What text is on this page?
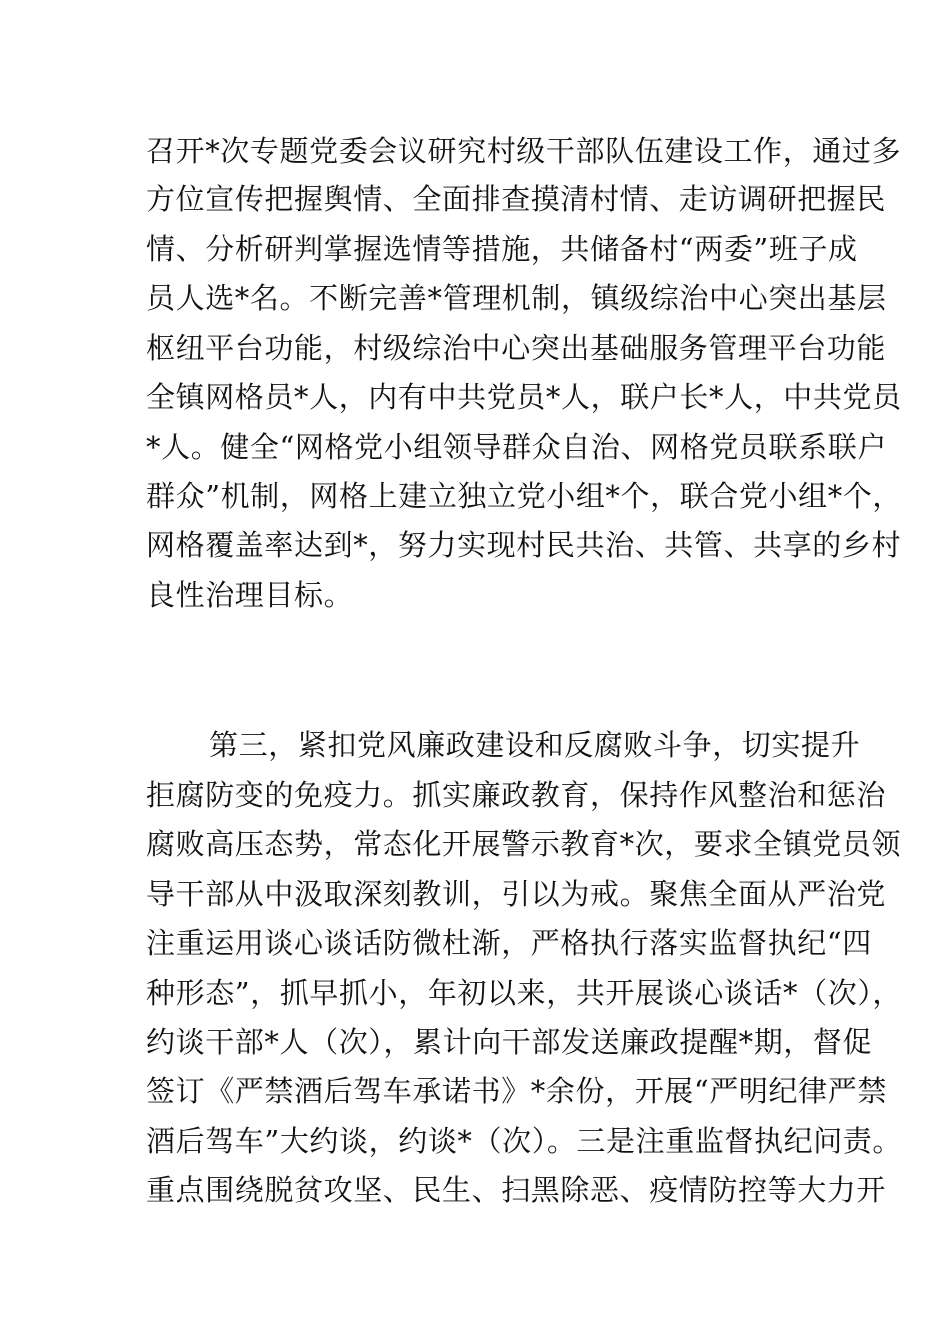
召开*次专题党委会议研究村级干部队伍建设工作，通过多
方位宣传把握舆情、全面排查摸清村情、走访调研把握民
情、分析研判掌握选情等措施，共储备村“两委”班子成
员人选*名。不断完善*管理机制，镇级综治中心突出基层
枢纽平台功能，村级综治中心突出基础服务管理平台功能
全镇网格员*人，内有中共党员*人，联户长*人，中共党员
*人。健全“网格党小组领导群众自治、网格党员联系联户
群众”机制，网格上建立独立党小组*个，联合党小组*个，
网格覆盖率达到*，努力实现村民共治、共管、共享的乡村
良性治理目标。
第三，紧扣党风廉政建设和反腐败斗争，切实提升
拒腐防变的免疫力。抓实廉政教育，保持作风整治和惩治
腐败高压态势，常态化开展警示教育*次，要求全镇党员领
导干部从中汲取深刻教训，引以为戒。聚焦全面从严治党
注重运用谈心谈话防微杜渐，严格执行落实监督执纪“四
种形态”，抓早抓小，年初以来，共开展谈心谈话*（次），
约谈干部*人（次），累计向干部发送廉政提醒*期，督促
签订《严禁酒后驾车承诺书》*余份，开展“严明纪律严禁
酒后驾车”大约谈，约谈*（次）。三是注重监督执纪问责。
重点围绕脱贫攻坚、民生、扫黑除恶、疫情防控等大力开
